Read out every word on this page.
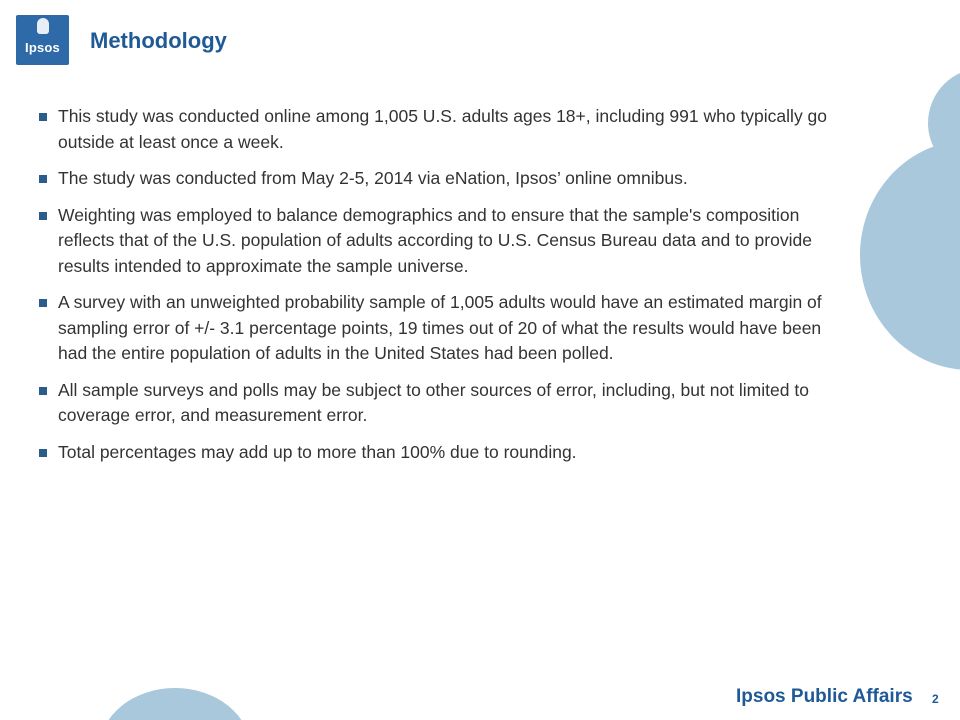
Ipsos	Methodology
This study was conducted online among 1,005 U.S. adults ages 18+, including 991 who typically go outside at least once a week.
The study was conducted from May 2-5, 2014 via eNation, Ipsos’ online omnibus.
Weighting was employed to balance demographics and to ensure that the sample's composition reflects that of the U.S. population of adults according to U.S. Census Bureau data and to provide results intended to approximate the sample universe.
A survey with an unweighted probability sample of 1,005 adults would have an estimated margin of sampling error of +/- 3.1 percentage points, 19 times out of 20 of what the results would have been had the entire population of adults in the United States had been polled.
All sample surveys and polls may be subject to other sources of error, including, but not limited to coverage error, and measurement error.
Total percentages may add up to more than 100% due to rounding.
Ipsos Public Affairs 2
